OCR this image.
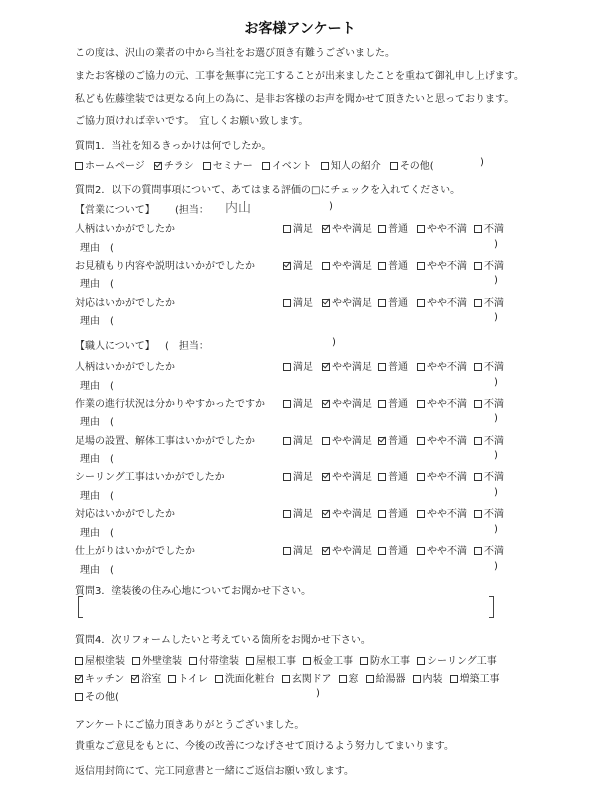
お客様アンケート
この度は、沢山の業者の中から当社をお選び頂き有難うございました。
またお客様のご協力の元、工事を無事に完工することが出来ましたことを重ねて御礼申し上げます。
私ども佐藤塗装では更なる向上の為に、是非お客様のお声を聞かせて頂きたいと思っております。
ご協力頂ければ幸いです。　宜しくお願い致します。
質問1．当社を知るきっかけは何でしたか。
ホームページ チラシ セミナー イベント 知人の紹介 その他(	)
質問2．以下の質問事項について、あてはまる評価の□にチェックを入れてください。
【営業について】 (担当： 内山	)
人柄はいかがでしたか	満足	やや満足	普通	やや不満	不満
理由　(	)
お見積もり内容や説明はいかがでしたか	満足	やや満足	普通	やや不満	不満
理由　(	)
対応はいかがでしたか	満足	やや満足	普通	やや不満	不満
理由　(	)
【職人について】 (　担当：	)
人柄はいかがでしたか	満足	やや満足	普通	やや不満	不満
理由　(	)
作業の進行状況は分かりやすかったですか	満足	やや満足	普通	やや不満	不満
理由　(	)
足場の設置、解体工事はいかがでしたか	満足	やや満足	普通	やや不満	不満
理由　(	)
シーリング工事はいかがでしたか	満足	やや満足	普通	やや不満	不満
理由　(	)
対応はいかがでしたか	満足	やや満足	普通	やや不満	不満
理由　(	)
仕上がりはいかがでしたか	満足	やや満足	普通	やや不満	不満
理由　(	)
質問3．塗装後の住み心地についてお聞かせ下さい。
質問4．次リフォームしたいと考えている箇所をお聞かせ下さい。
屋根塗装 外壁塗装 付帯塗装 屋根工事 板金工事 防水工事 シーリング工事
キッチン 浴室 トイレ 洗面化粧台 玄関ドア 窓 給湯器 内装 増築工事
その他(	)
アンケートにご協力頂きありがとうございました。
貴重なご意見をもとに、今後の改善につなげさせて頂けるよう努力してまいります。
返信用封筒にて、完工同意書と一緒にご返信お願い致します。
